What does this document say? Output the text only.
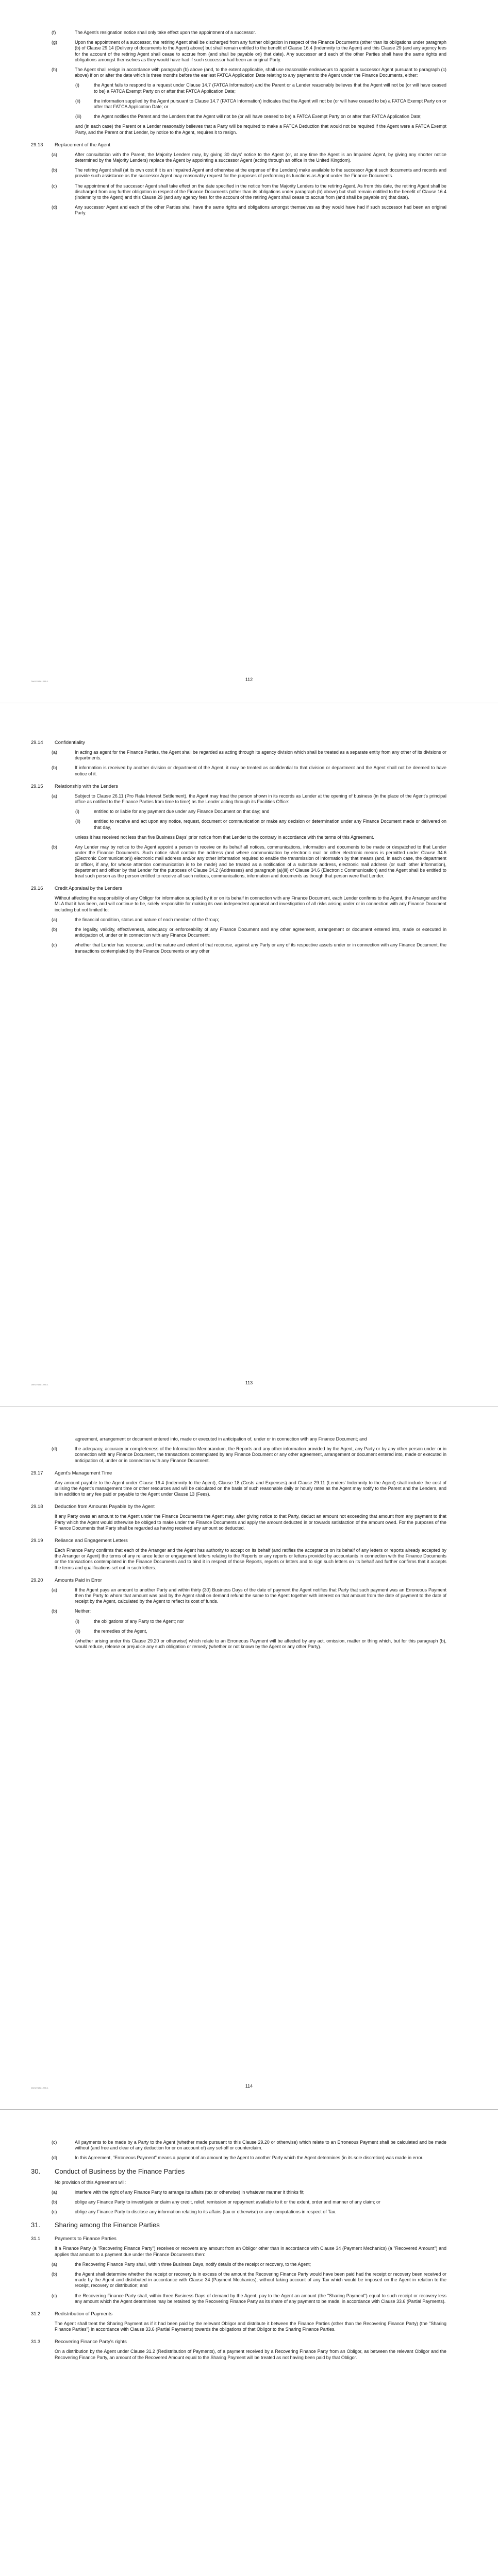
(f)	The Agent's resignation notice shall only take effect upon the appointment of a successor.
(g)	Upon the appointment of a successor, the retiring Agent shall be discharged from any further obligation in respect of the Finance Documents (other than its obligations under paragraph (b) of Clause 29.14 (Delivery of documents to the Agent) above) but shall remain entitled to the benefit of Clause 16.4 (Indemnity to the Agent) and this Clause 29 (and any agency fees for the account of the retiring Agent shall cease to accrue from (and shall be payable on) that date). Any successor and each of the other Parties shall have the same rights and obligations amongst themselves as they would have had if such successor had been an original Party.
(h)	The Agent shall resign in accordance with paragraph (b) above (and, to the extent applicable, shall use reasonable endeavours to appoint a successor Agent pursuant to paragraph (c) above) if on or after the date which is three months before the earliest FATCA Application Date relating to any payment to the Agent under the Finance Documents, either:
(i)	the Agent fails to respond to a request under Clause 14.7 (FATCA Information) and the Parent or a Lender reasonably believes that the Agent will not be (or will have ceased to be) a FATCA Exempt Party on or after that FATCA Application Date;
(ii)	the information supplied by the Agent pursuant to Clause 14.7 (FATCA Information) indicates that the Agent will not be (or will have ceased to be) a FATCA Exempt Party on or after that FATCA Application Date; or
(iii)	the Agent notifies the Parent and the Lenders that the Agent will not be (or will have ceased to be) a FATCA Exempt Party on or after that FATCA Application Date;

and (in each case) the Parent or a Lender reasonably believes that a Party will be required to make a FATCA Deduction that would not be required if the Agent were a FATCA Exempt Party, and the Parent or that Lender, by notice to the Agent, requires it to resign.

29.13	Replacement of the Agent
(a)	After consultation with the Parent, the Majority Lenders may, by giving 30 days' notice to the Agent (or, at any time the Agent is an Impaired Agent, by giving any shorter notice determined by the Majority Lenders) replace the Agent by appointing a successor Agent (acting through an office in the United Kingdom).
(b)	The retiring Agent shall (at its own cost if it is an Impaired Agent and otherwise at the expense of the Lenders) make available to the successor Agent such documents and records and provide such assistance as the successor Agent may reasonably request for the purposes of performing its functions as Agent under the Finance Documents.
(c)	The appointment of the successor Agent shall take effect on the date specified in the notice from the Majority Lenders to the retiring Agent. As from this date, the retiring Agent shall be discharged from any further obligation in respect of the Finance Documents (other than its obligations under paragraph (b) above) but shall remain entitled to the benefit of Clause 16.4 (Indemnity to the Agent) and this Clause 29 (and any agency fees for the account of the retiring Agent shall cease to accrue from (and shall be payable on) that date).
(d)	Any successor Agent and each of the other Parties shall have the same rights and obligations amongst themselves as they would have had if such successor had been an original Party.
DMS/21581285.1	112
29.14	Confidentiality
(a)	In acting as agent for the Finance Parties, the Agent shall be regarded as acting through its agency division which shall be treated as a separate entity from any other of its divisions or departments.
(b)	If information is received by another division or department of the Agent, it may be treated as confidential to that division or department and the Agent shall not be deemed to have notice of it.
29.15	Relationship with the Lenders
(a)	Subject to Clause 26.11 (Pro Rata Interest Settlement), the Agent may treat the person shown in its records as Lender at the opening of business (in the place of the Agent's principal office as notified to the Finance Parties from time to time) as the Lender acting through its Facilities Office:
(i)	entitled to or liable for any payment due under any Finance Document on that day; and
(ii)	entitled to receive and act upon any notice, request, document or communication or make any decision or determination under any Finance Document made or delivered on that day,

unless it has received not less than five Business Days' prior notice from that Lender to the contrary in accordance with the terms of this Agreement.

(b)	Any Lender may by notice to the Agent appoint a person to receive on its behalf all notices, communications, information and documents to be made or despatched to that Lender under the Finance Documents. Such notice shall contain the address (and where communication by electronic mail or other electronic means is permitted under Clause 34.6 (Electronic Communication)) electronic mail address and/or any other information required to enable the transmission of information by that means (and, in each case, the department or officer, if any, for whose attention communication is to be made) and be treated as a notification of a substitute address, electronic mail address (or such other information), department and officer by that Lender for the purposes of Clause 34.2 (Addresses) and paragraph (a)(iii) of Clause 34.6 (Electronic Communication) and the Agent shall be entitled to treat such person as the person entitled to receive all such notices, communications, information and documents as though that person were that Lender.
29.16	Credit Appraisal by the Lenders

Without affecting the responsibility of any Obligor for information supplied by it or on its behalf in connection with any Finance Document, each Lender confirms to the Agent, the Arranger and the MLA that it has been, and will continue to be, solely responsible for making its own independent appraisal and investigation of all risks arising under or in connection with any Finance Document including but not limited to:

(a)	the financial condition, status and nature of each member of the Group;
(b)	the legality, validity, effectiveness, adequacy or enforceability of any Finance Document and any other agreement, arrangement or document entered into, made or executed in anticipation of, under or in connection with any Finance Document;
(c)	whether that Lender has recourse, and the nature and extent of that recourse, against any Party or any of its respective assets under or in connection with any Finance Document, the transactions contemplated by the Finance Documents or any other
DMS/21581285.1	113

agreement, arrangement or document entered into, made or executed in anticipation of, under or in connection with any Finance Document; and

(d)	the adequacy, accuracy or completeness of the Information Memorandum, the Reports and any other information provided by the Agent, any Party or by any other person under or in connection with any Finance Document, the transactions contemplated by any Finance Document or any other agreement, arrangement or document entered into, made or executed in anticipation of, under or in connection with any Finance Document.
29.17	Agent's Management Time

Any amount payable to the Agent under Clause 16.4 (Indemnity to the Agent), Clause 18 (Costs and Expenses) and Clause 29.11 (Lenders' Indemnity to the Agent) shall include the cost of utilising the Agent's management time or other resources and will be calculated on the basis of such reasonable daily or hourly rates as the Agent may notify to the Parent and the Lenders, and is in addition to any fee paid or payable to the Agent under Clause 13 (Fees).

29.18	Deduction from Amounts Payable by the Agent

If any Party owes an amount to the Agent under the Finance Documents the Agent may, after giving notice to that Party, deduct an amount not exceeding that amount from any payment to that Party which the Agent would otherwise be obliged to make under the Finance Documents and apply the amount deducted in or towards satisfaction of the amount owed. For the purposes of the Finance Documents that Party shall be regarded as having received any amount so deducted.

29.19	Reliance and Engagement Letters

Each Finance Party confirms that each of the Arranger and the Agent has authority to accept on its behalf (and ratifies the acceptance on its behalf of any letters or reports already accepted by the Arranger or Agent) the terms of any reliance letter or engagement letters relating to the Reports or any reports or letters provided by accountants in connection with the Finance Documents or the transactions contemplated in the Finance Documents and to bind it in respect of those Reports, reports or letters and to sign such letters on its behalf and further confirms that it accepts the terms and qualifications set out in such letters.

29.20	Amounts Paid in Error
(a)	If the Agent pays an amount to another Party and within thirty (30) Business Days of the date of payment the Agent notifies that Party that such payment was an Erroneous Payment then the Party to whom that amount was paid by the Agent shall on demand refund the same to the Agent together with interest on that amount from the date of payment to the date of receipt by the Agent, calculated by the Agent to reflect its cost of funds.
(b)	Neither:
(i)	the obligations of any Party to the Agent; nor
(ii)	the remedies of the Agent,

(whether arising under this Clause 29.20 or otherwise) which relate to an Erroneous Payment will be affected by any act, omission, matter or thing which, but for this paragraph (b), would reduce, release or prejudice any such obligation or remedy (whether or not known by the Agent or any other Party).

DMS/21581285.1	114
(c)	All payments to be made by a Party to the Agent (whether made pursuant to this Clause 29.20 or otherwise) which relate to an Erroneous Payment shall be calculated and be made without (and free and clear of any deduction for or on account of) any set-off or counterclaim.
(d)	In this Agreement, "Erroneous Payment" means a payment of an amount by the Agent to another Party which the Agent determines (in its sole discretion) was made in error.
30.	Conduct of Business by the Finance Parties

No provision of this Agreement will:

(a)	interfere with the right of any Finance Party to arrange its affairs (tax or otherwise) in whatever manner it thinks fit;
(b)	oblige any Finance Party to investigate or claim any credit, relief, remission or repayment available to it or the extent, order and manner of any claim; or
(c)	oblige any Finance Party to disclose any information relating to its affairs (tax or otherwise) or any computations in respect of Tax.
31.	Sharing among the Finance Parties
31.1	Payments to Finance Parties

If a Finance Party (a "Recovering Finance Party") receives or recovers any amount from an Obligor other than in accordance with Clause 34 (Payment Mechanics) (a "Recovered Amount") and applies that amount to a payment due under the Finance Documents then:

(a)	the Recovering Finance Party shall, within three Business Days, notify details of the receipt or recovery, to the Agent;
(b)	the Agent shall determine whether the receipt or recovery is in excess of the amount the Recovering Finance Party would have been paid had the receipt or recovery been received or made by the Agent and distributed in accordance with Clause 34 (Payment Mechanics), without taking account of any Tax which would be imposed on the Agent in relation to the receipt, recovery or distribution; and
(c)	the Recovering Finance Party shall, within three Business Days of demand by the Agent, pay to the Agent an amount (the "Sharing Payment") equal to such receipt or recovery less any amount which the Agent determines may be retained by the Recovering Finance Party as its share of any payment to be made, in accordance with Clause 33.6 (Partial Payments).
31.2	Redistribution of Payments

The Agent shall treat the Sharing Payment as if it had been paid by the relevant Obligor and distribute it between the Finance Parties (other than the Recovering Finance Party) (the "Sharing Finance Parties") in accordance with Clause 33.6 (Partial Payments) towards the obligations of that Obligor to the Sharing Finance Parties.

31.3	Recovering Finance Party's rights

On a distribution by the Agent under Clause 31.2 (Redistribution of Payments), of a payment received by a Recovering Finance Party from an Obligor, as between the relevant Obligor and the Recovering Finance Party, an amount of the Recovered Amount equal to the Sharing Payment will be treated as not having been paid by that Obligor.
